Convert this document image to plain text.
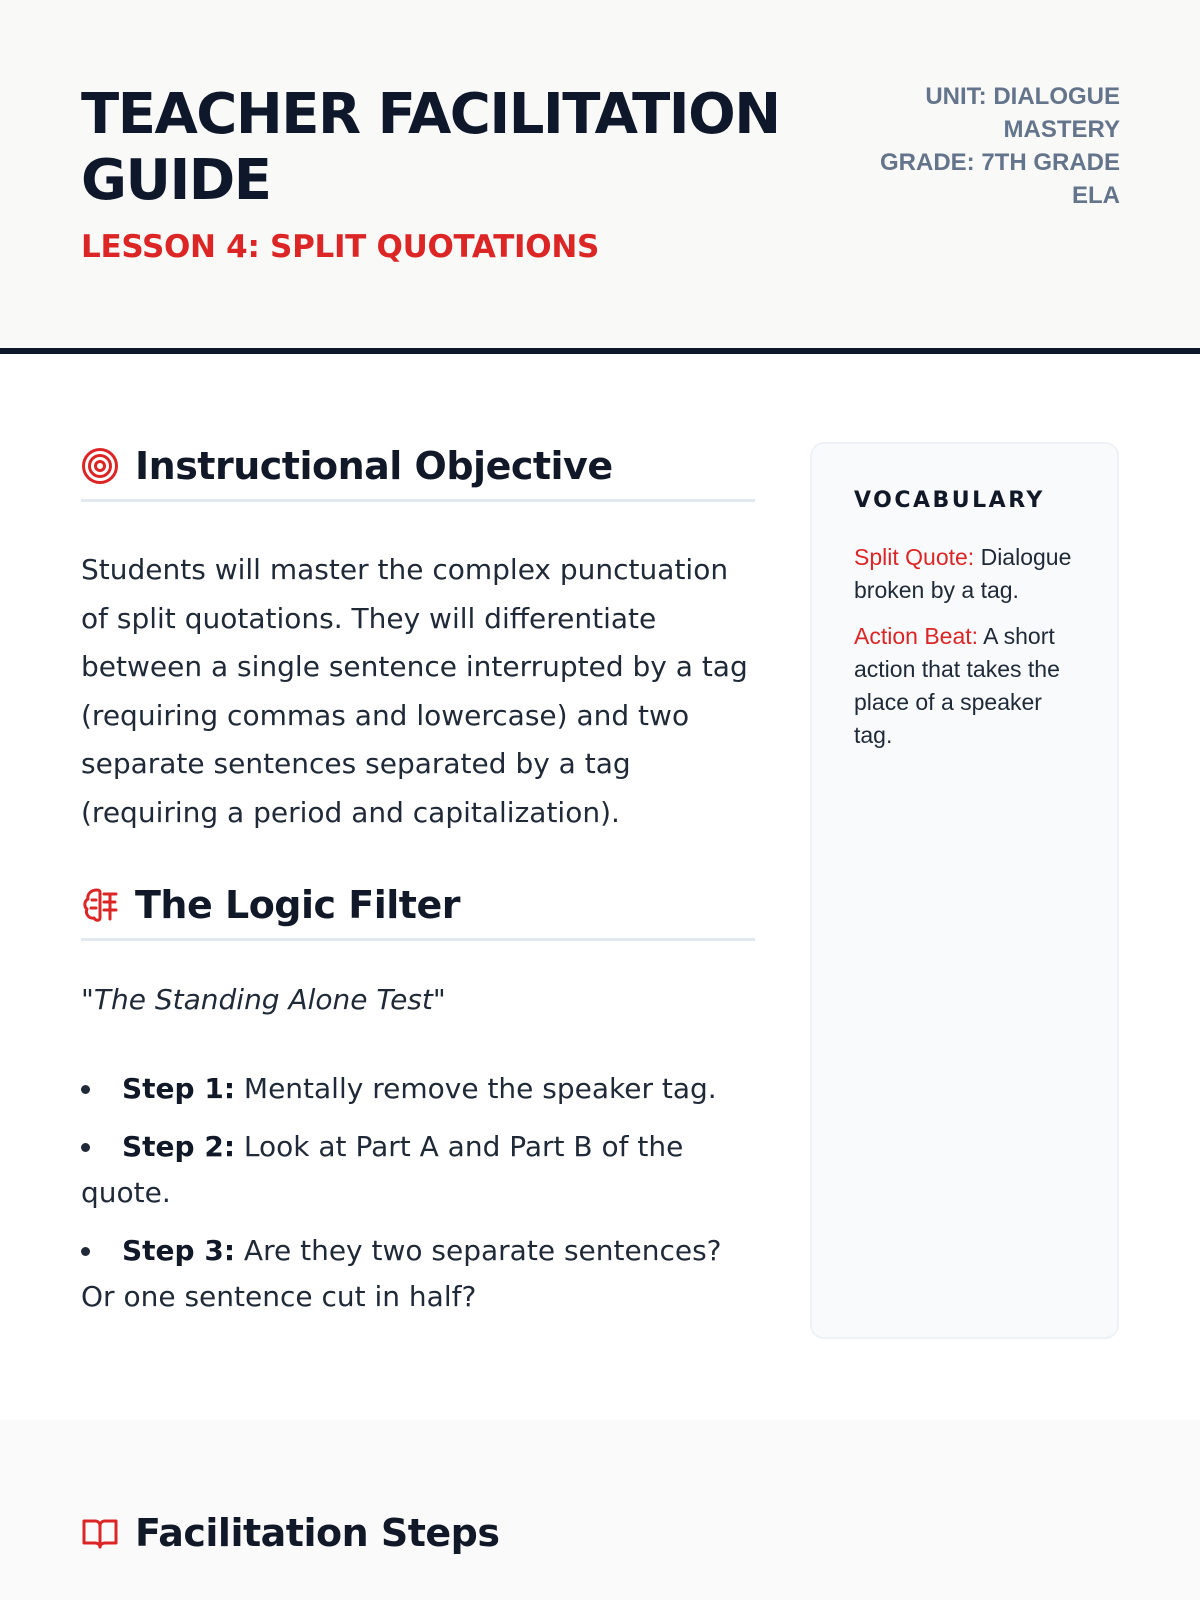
TEACHER FACILITATION GUIDE
LESSON 4: SPLIT QUOTATIONS
UNIT: DIALOGUE MASTERY
GRADE: 7TH GRADE ELA
Instructional Objective

Students will master the complex punctuation of split quotations. They will differentiate between a single sentence interrupted by a tag (requiring commas and lowercase) and two separate sentences separated by a tag (requiring a period and capitalization).

The Logic Filter
"The Standing Alone Test"
Step 1: Mentally remove the speaker tag.
Step 2: Look at Part A and Part B of the quote.
Step 3: Are they two separate sentences? Or one sentence cut in half?
VOCABULARY
Split Quote: Dialogue broken by a tag.
Action Beat: A short action that takes the place of a speaker tag.
Facilitation Steps
